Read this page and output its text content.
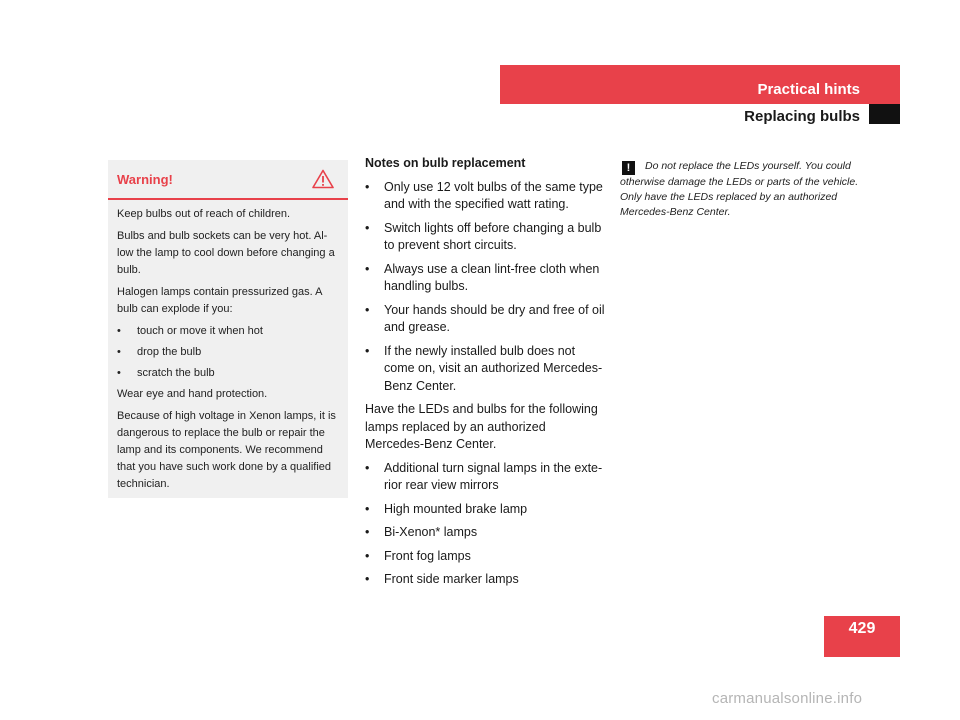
Practical hints
Replacing bulbs
Warning!

Keep bulbs out of reach of children.

Bulbs and bulb sockets can be very hot. Al-low the lamp to cool down before changing a bulb.

Halogen lamps contain pressurized gas. A bulb can explode if you:

•	touch or move it when hot
•	drop the bulb
•	scratch the bulb

Wear eye and hand protection.

Because of high voltage in Xenon lamps, it is dangerous to replace the bulb or repair the lamp and its components. We recommend that you have such work done by a qualified technician.

Notes on bulb replacement
•	Only use 12 volt bulbs of the same type and with the specified watt rating.
•	Switch lights off before changing a bulb to prevent short circuits.
•	Always use a clean lint-free cloth when handling bulbs.
•	Your hands should be dry and free of oil and grease.
•	If the newly installed bulb does not come on, visit an authorized Mercedes-Benz Center.

Have the LEDs and bulbs for the following lamps replaced by an authorized Mercedes-Benz Center.

•	Additional turn signal lamps in the exte-rior rear view mirrors
•	High mounted brake lamp
•	Bi-Xenon* lamps
•	Front fog lamps
•	Front side marker lamps
! Do not replace the LEDs yourself. You could otherwise damage the LEDs or parts of the vehicle. Only have the LEDs replaced by an authorized Mercedes-Benz Center.
429
carmanualsonline.info
